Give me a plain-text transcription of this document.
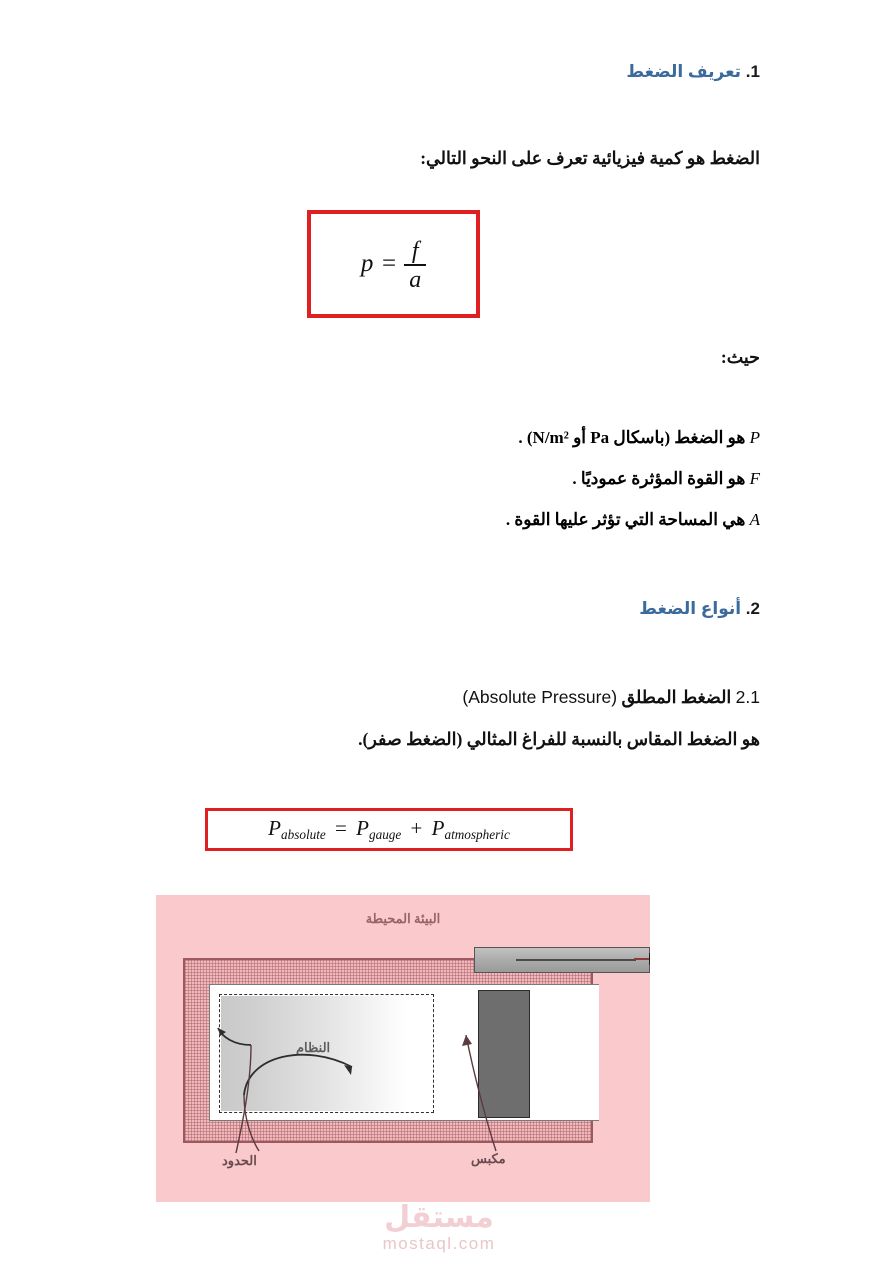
1. تعريف الضغط
الضغط هو كمية فيزيائية تعرف على النحو التالي:
$p = \frac{f}{a}$
حيث:
P هو الضغط (باسكال Pa أو N/m²) .
F هو القوة المؤثرة عموديًا .
A هي المساحة التي تؤثر عليها القوة .
2. أنواع الضغط
2.1 الضغط المطلق (Absolute Pressure)
هو الضغط المقاس بالنسبة للفراغ المثالي (الضغط صفر).
$P_{absolute} = P_{gauge} + P_{atmospheric}$
البيئة المحيطة
النظام
الحدود	مكبس
مستقل
mostaql.com
